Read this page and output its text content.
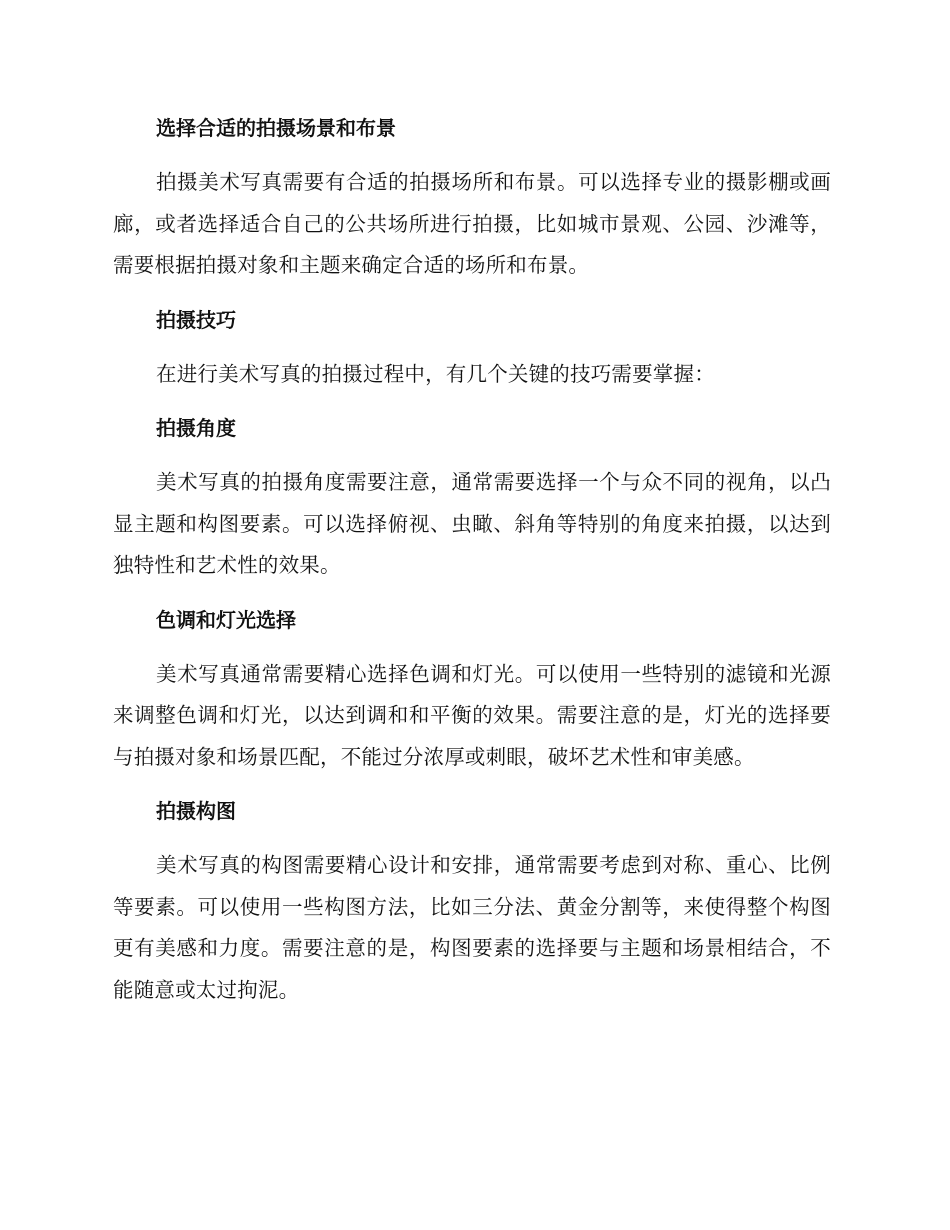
选择合适的拍摄场景和布景

拍摄美术写真需要有合适的拍摄场所和布景。可以选择专业的摄影棚或画廊，或者选择适合自己的公共场所进行拍摄，比如城市景观、公园、沙滩等，需要根据拍摄对象和主题来确定合适的场所和布景。

拍摄技巧

在进行美术写真的拍摄过程中，有几个关键的技巧需要掌握：

拍摄角度

美术写真的拍摄角度需要注意，通常需要选择一个与众不同的视角，以凸显主题和构图要素。可以选择俯视、虫瞰、斜角等特别的角度来拍摄，以达到独特性和艺术性的效果。

色调和灯光选择

美术写真通常需要精心选择色调和灯光。可以使用一些特别的滤镜和光源来调整色调和灯光，以达到调和和平衡的效果。需要注意的是，灯光的选择要与拍摄对象和场景匹配，不能过分浓厚或刺眼，破坏艺术性和审美感。

拍摄构图

美术写真的构图需要精心设计和安排，通常需要考虑到对称、重心、比例等要素。可以使用一些构图方法，比如三分法、黄金分割等，来使得整个构图更有美感和力度。需要注意的是，构图要素的选择要与主题和场景相结合，不能随意或太过拘泥。
